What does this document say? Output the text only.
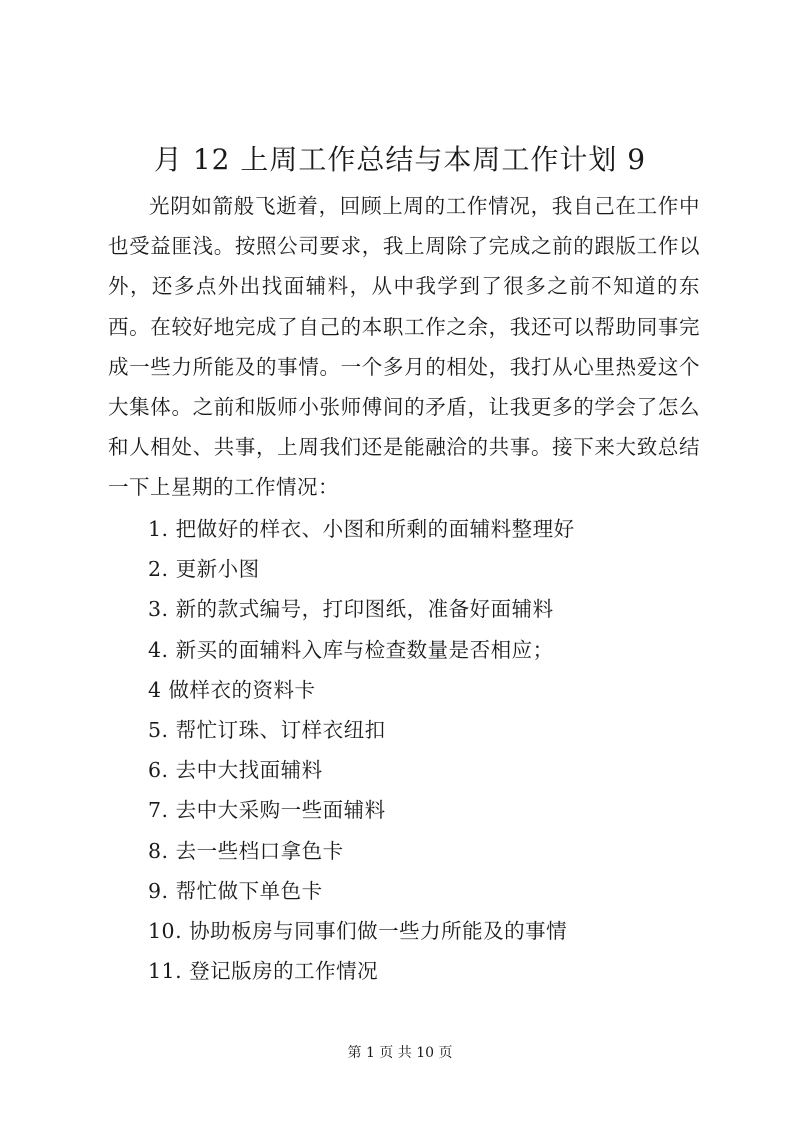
月 12 上周工作总结与本周工作计划 9

光阴如箭般飞逝着，回顾上周的工作情况，我自己在工作中也受益匪浅。按照公司要求，我上周除了完成之前的跟版工作以外，还多点外出找面辅料，从中我学到了很多之前不知道的东西。在较好地完成了自己的本职工作之余，我还可以帮助同事完成一些力所能及的事情。一个多月的相处，我打从心里热爱这个大集体。之前和版师小张师傅间的矛盾，让我更多的学会了怎么和人相处、共事，上周我们还是能融洽的共事。接下来大致总结一下上星期的工作情况：

1. 把做好的样衣、小图和所剩的面辅料整理好
2. 更新小图
3. 新的款式编号，打印图纸，准备好面辅料
4. 新买的面辅料入库与检查数量是否相应；
4 做样衣的资料卡
5. 帮忙订珠、订样衣纽扣
6. 去中大找面辅料
7. 去中大采购一些面辅料
8. 去一些档口拿色卡
9. 帮忙做下单色卡
10. 协助板房与同事们做一些力所能及的事情
11. 登记版房的工作情况
第 1 页 共 10 页
